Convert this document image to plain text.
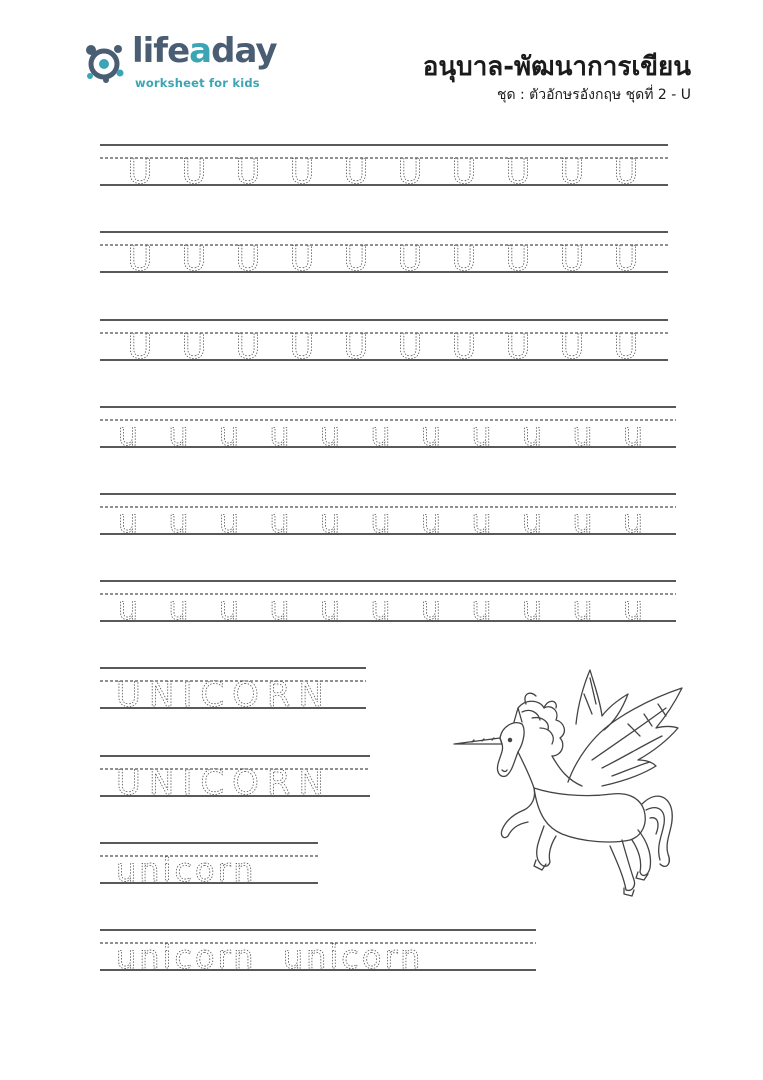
lifeaday
worksheet for kids
อนุบาล-พัฒนาการเขียน
ชุด : ตัวอักษรอังกฤษ ชุดที่ 2 - U
U U U U U U U U U U
U U U U U U U U U U
U U U U U U U U U U
u u u u u u u u u u u
u u u u u u u u u u u
u u u u u u u u u u u
UNICORN
UNICORN
unicorn
unicorn  unicorn
